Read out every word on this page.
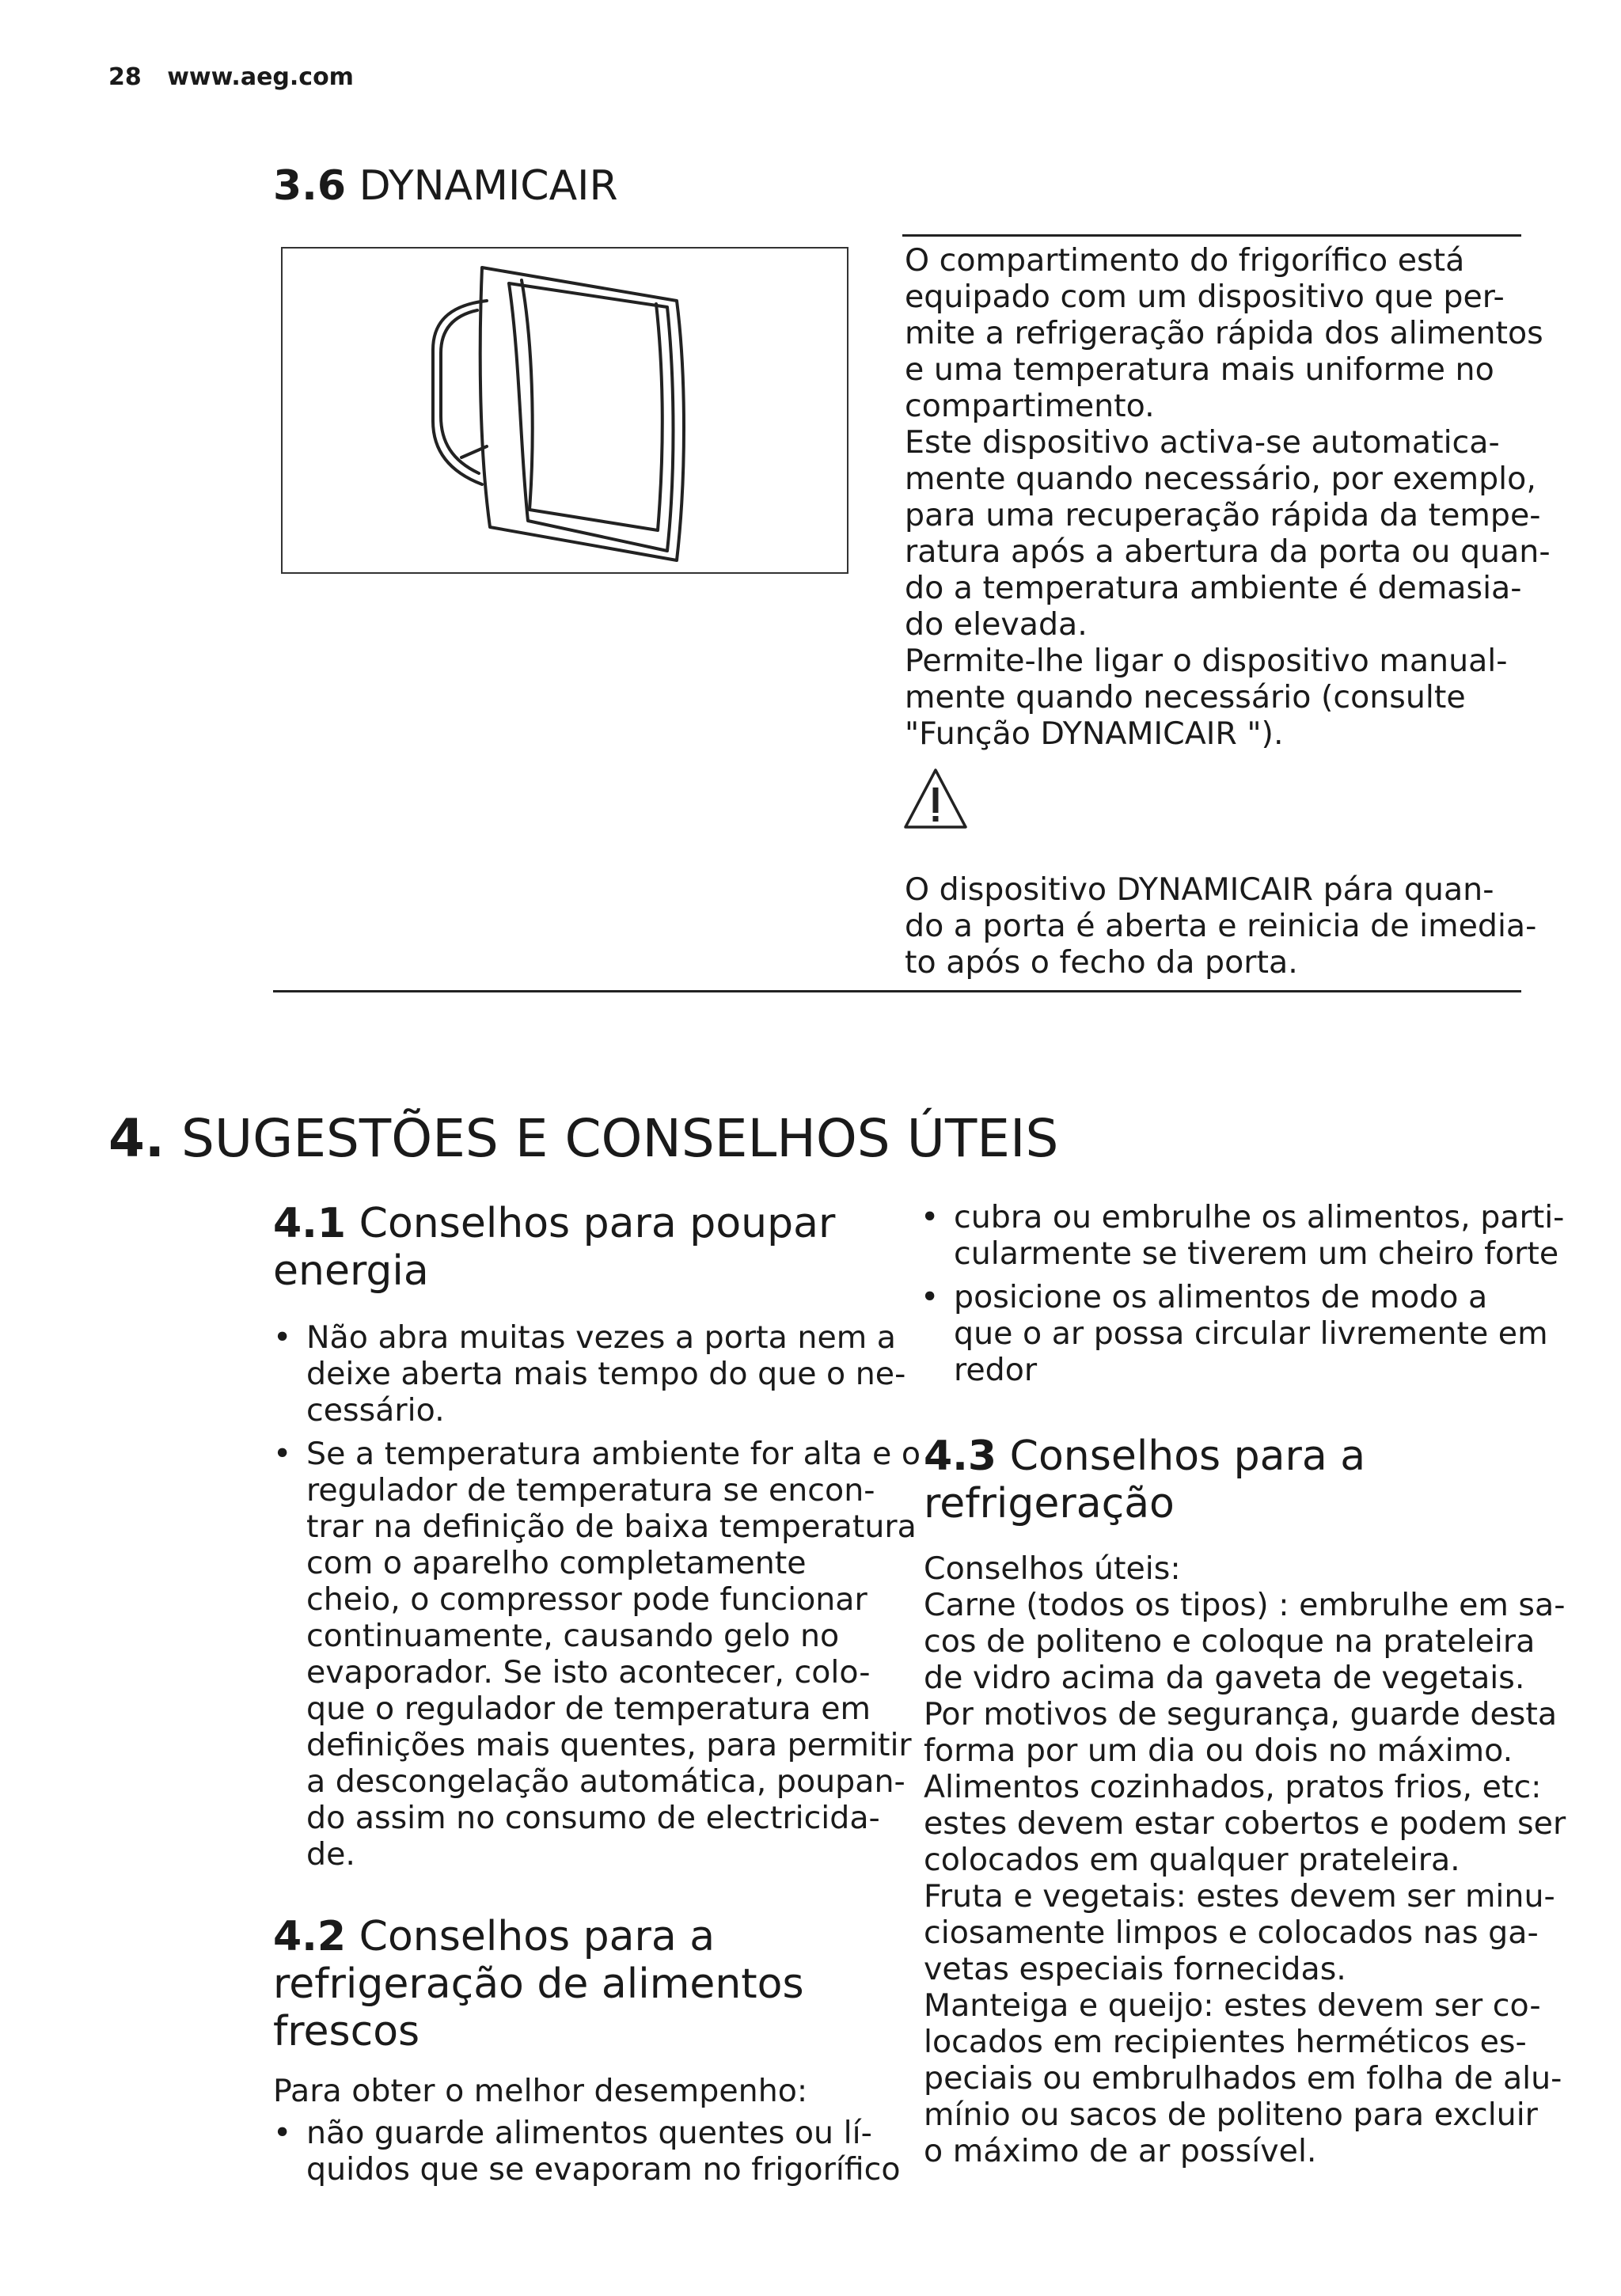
28 www.aeg.com
3.6 DYNAMICAIR
O compartimento do frigorífico está
equipado com um dispositivo que per-
mite a refrigeração rápida dos alimentos
e uma temperatura mais uniforme no
compartimento.
Este dispositivo activa-se automatica-
mente quando necessário, por exemplo,
para uma recuperação rápida da tempe-
ratura após a abertura da porta ou quan-
do a temperatura ambiente é demasia-
do elevada.
Permite-lhe ligar o dispositivo manual-
mente quando necessário (consulte
"Função DYNAMICAIR ").
O dispositivo DYNAMICAIR pára quan-
do a porta é aberta e reinicia de imedia-
to após o fecho da porta.
4. SUGESTÕES E CONSELHOS ÚTEIS
4.1 Conselhos para poupar
energia
• Não abra muitas vezes a porta nem a
deixe aberta mais tempo do que o ne-
cessário.
• Se a temperatura ambiente for alta e o
regulador de temperatura se encon-
trar na definição de baixa temperatura
com o aparelho completamente
cheio, o compressor pode funcionar
continuamente, causando gelo no
evaporador. Se isto acontecer, colo-
que o regulador de temperatura em
definições mais quentes, para permitir
a descongelação automática, poupan-
do assim no consumo de electricida-
de.
4.2 Conselhos para a
refrigeração de alimentos
frescos
Para obter o melhor desempenho:
• não guarde alimentos quentes ou lí-
quidos que se evaporam no frigorífico
• cubra ou embrulhe os alimentos, parti-
cularmente se tiverem um cheiro forte
• posicione os alimentos de modo a
que o ar possa circular livremente em
redor
4.3 Conselhos para a
refrigeração
Conselhos úteis:
Carne (todos os tipos) : embrulhe em sa-
cos de politeno e coloque na prateleira
de vidro acima da gaveta de vegetais.
Por motivos de segurança, guarde desta
forma por um dia ou dois no máximo.
Alimentos cozinhados, pratos frios, etc:
estes devem estar cobertos e podem ser
colocados em qualquer prateleira.
Fruta e vegetais: estes devem ser minu-
ciosamente limpos e colocados nas ga-
vetas especiais fornecidas.
Manteiga e queijo: estes devem ser co-
locados em recipientes herméticos es-
peciais ou embrulhados em folha de alu-
mínio ou sacos de politeno para excluir
o máximo de ar possível.
